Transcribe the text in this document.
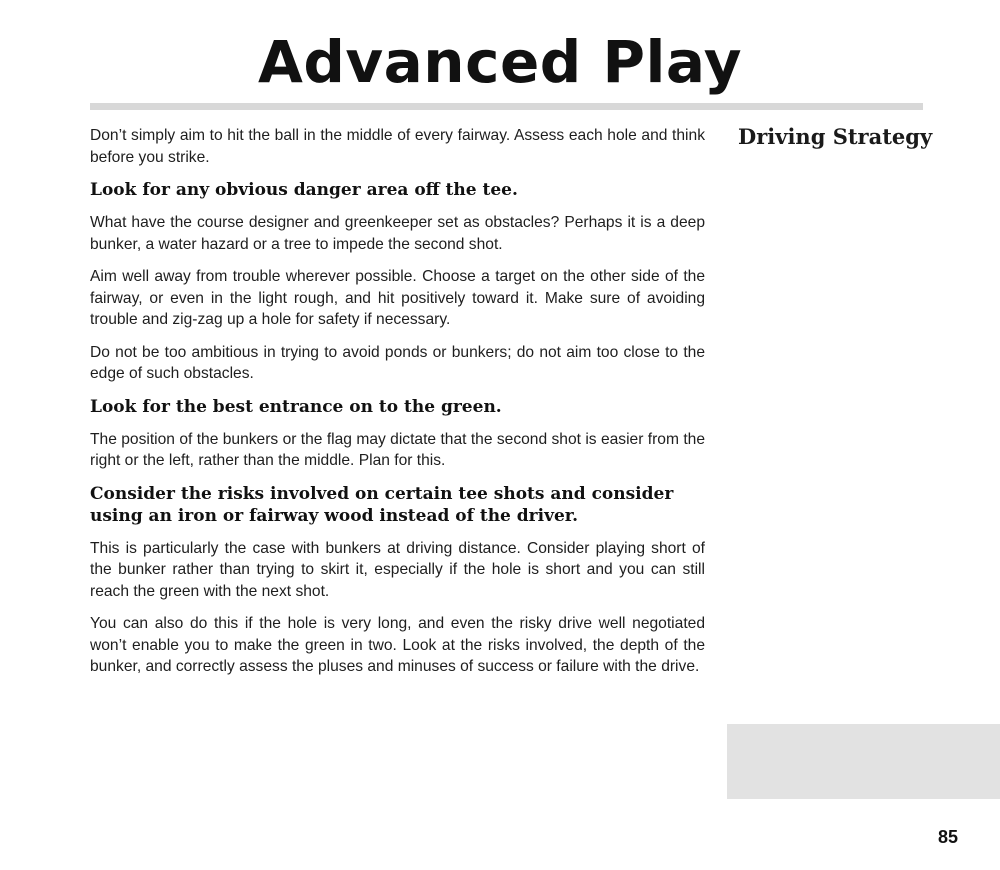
Advanced Play
Driving Strategy

Don’t simply aim to hit the ball in the middle of every fairway. Assess each hole and think before you strike.

Look for any obvious danger area off the tee.

What have the course designer and greenkeeper set as obstacles? Perhaps it is a deep bunker, a water hazard or a tree to impede the second shot.

Aim well away from trouble wherever possible. Choose a target on the other side of the fairway, or even in the light rough, and hit positively toward it. Make sure of avoiding trouble and zig-zag up a hole for safety if necessary.

Do not be too ambitious in trying to avoid ponds or bunkers; do not aim too close to the edge of such obstacles.

Look for the best entrance on to the green.

The position of the bunkers or the flag may dictate that the second shot is easier from the right or the left, rather than the middle. Plan for this.

Consider the risks involved on certain tee shots and consider using an iron or fairway wood instead of the driver.

This is particularly the case with bunkers at driving distance. Consider playing short of the bunker rather than trying to skirt it, especially if the hole is short and you can still reach the green with the next shot.

You can also do this if the hole is very long, and even the risky drive well negotiated won’t enable you to make the green in two. Look at the risks involved, the depth of the bunker, and correctly assess the pluses and minuses of success or failure with the drive.

85
